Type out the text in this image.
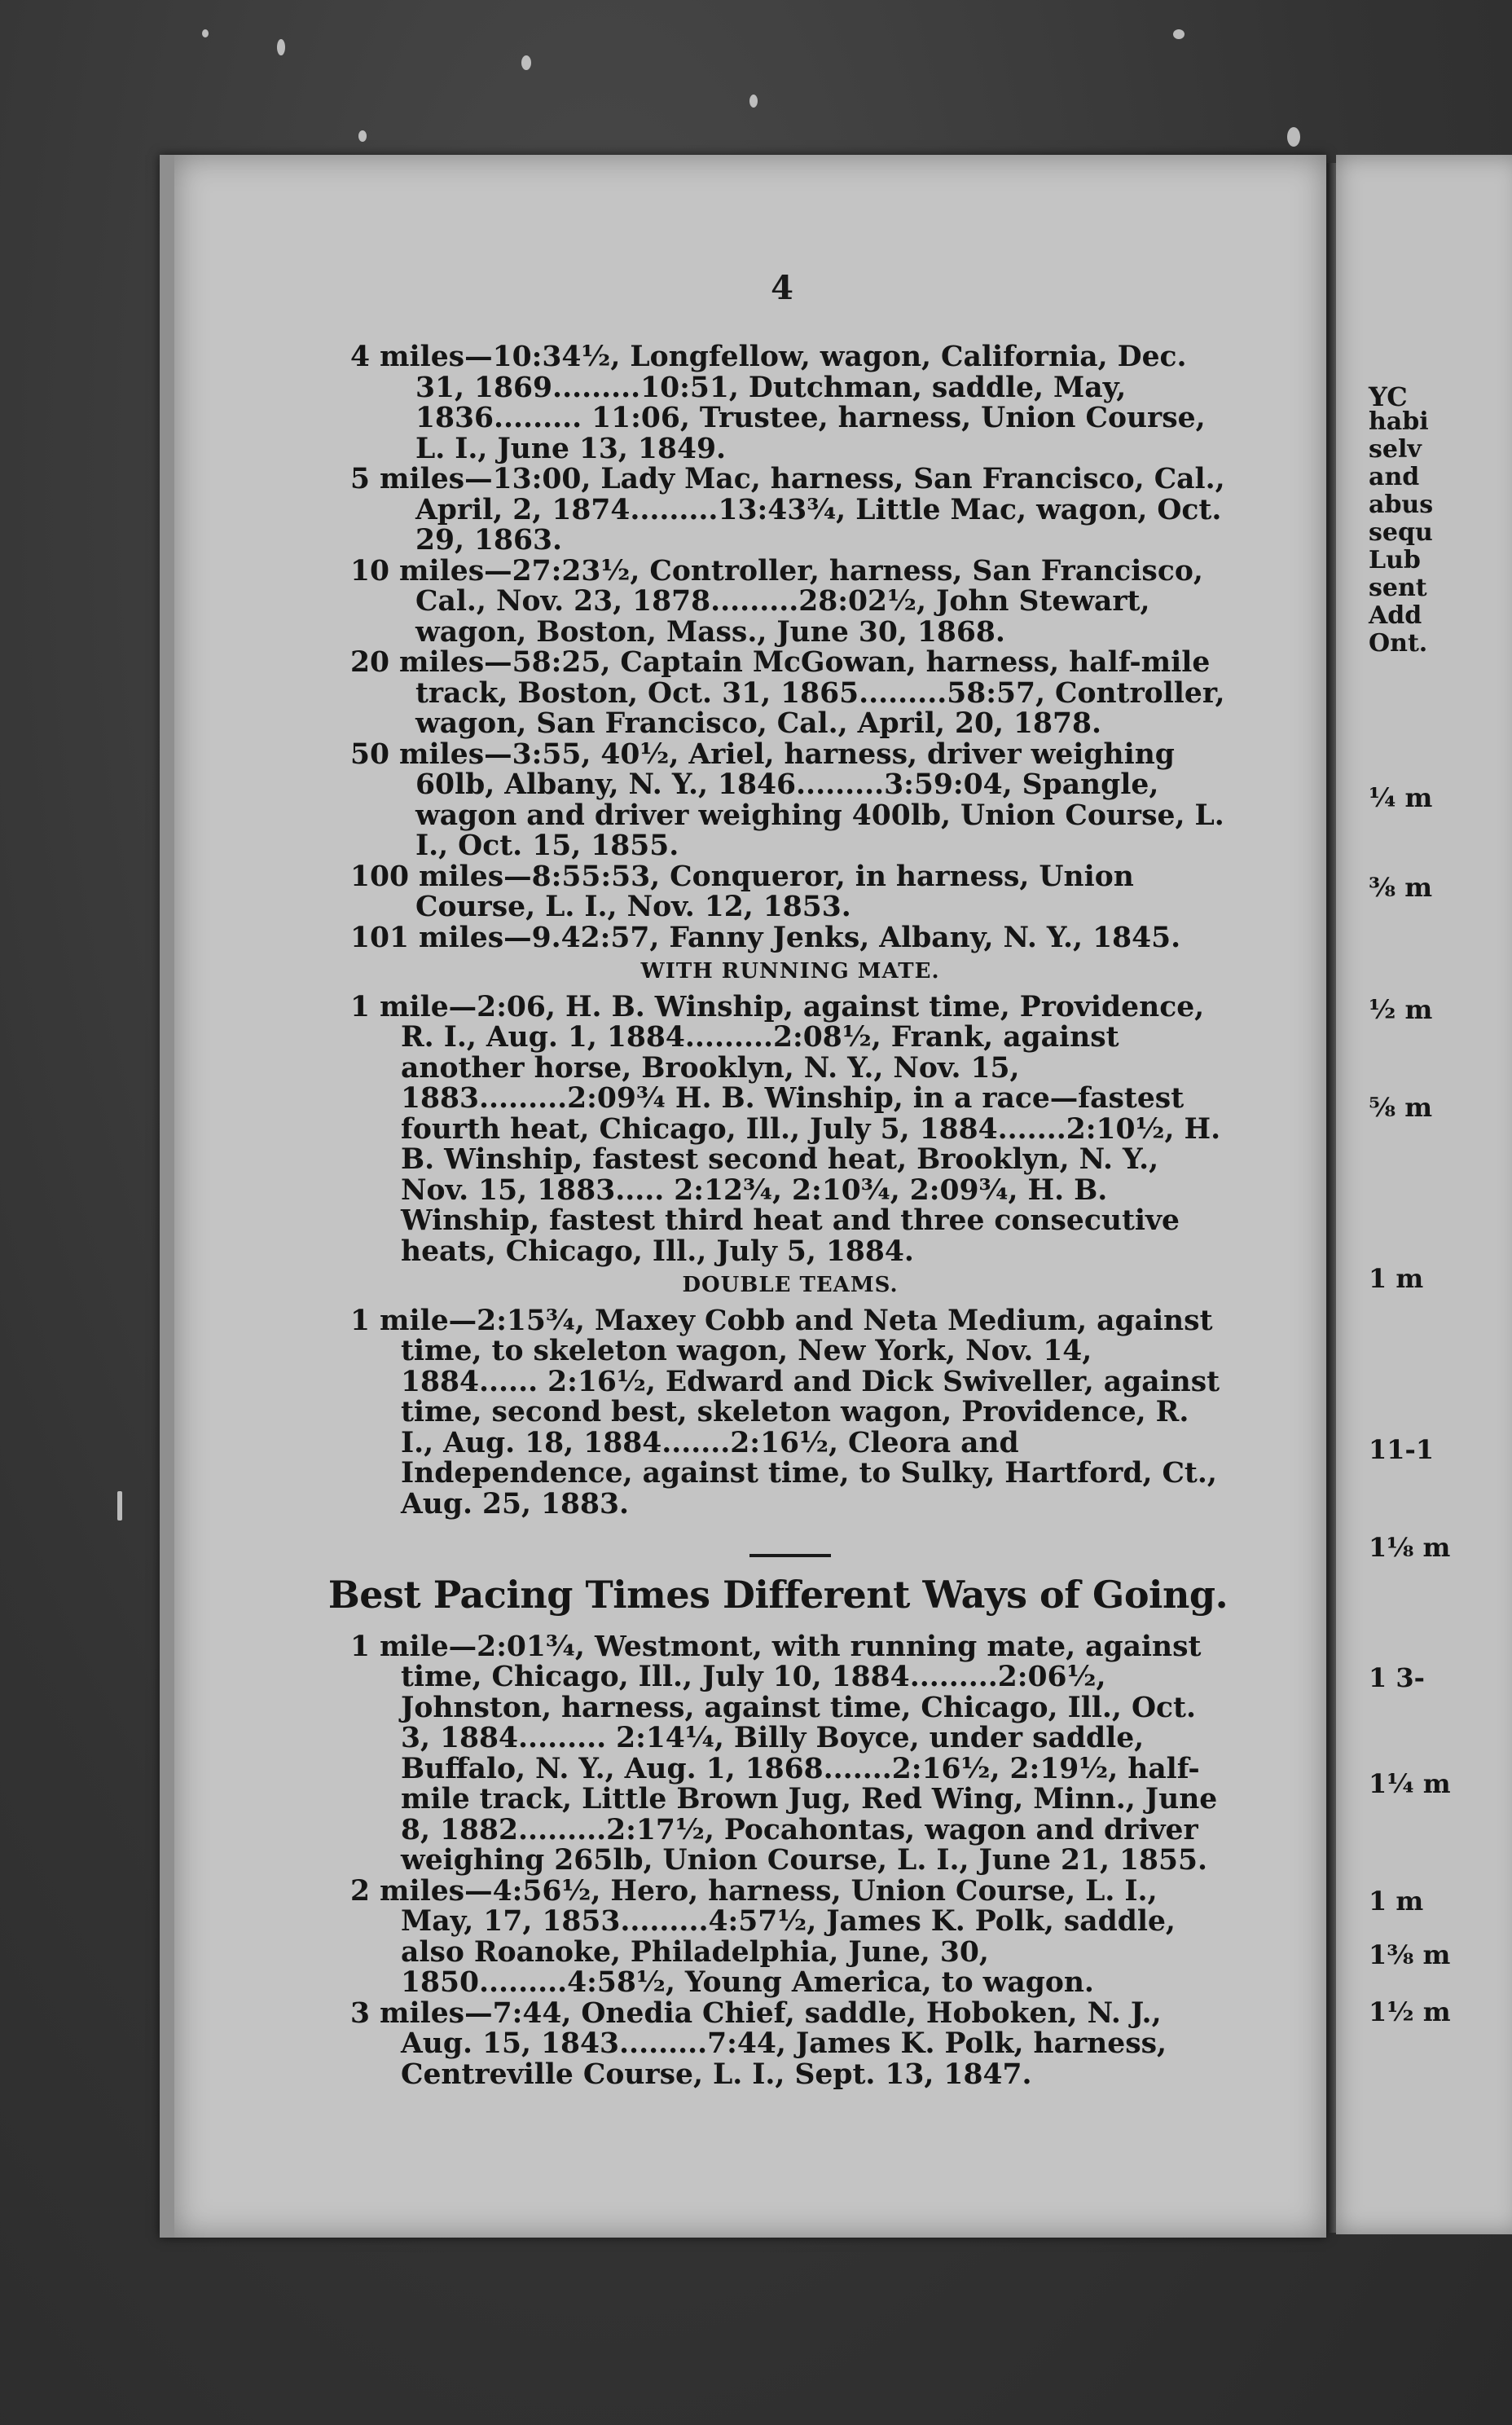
YC
habi
selv
and
abus
sequ
Lub
sent
Add
Ont.
¼ m
⅜ m
½ m
⅝ m
1 m
11-1
1⅛ m
1 3-
1¼ m
1 m
1⅜ m
1½ m
4

4 miles—10:34½, Longfellow, wagon, California, Dec. 31, 1869.........10:51, Dutchman, saddle, May, 1836......... 11:06, Trustee, harness, Union Course, L. I., June 13, 1849.

5 miles—13:00, Lady Mac, harness, San Francisco, Cal., April, 2, 1874.........13:43¾, Little Mac, wagon, Oct. 29, 1863.

10 miles—27:23½, Controller, harness, San Francisco, Cal., Nov. 23, 1878.........28:02½, John Stewart, wagon, Boston, Mass., June 30, 1868.

20 miles—58:25, Captain McGowan, harness, half-mile track, Boston, Oct. 31, 1865.........58:57, Controller, wagon, San Francisco, Cal., April, 20, 1878.

50 miles—3:55, 40½, Ariel, harness, driver weighing 60lb, Albany, N. Y., 1846.........3:59:04, Spangle, wagon and driver weighing 400lb, Union Course, L. I., Oct. 15, 1855.

100 miles—8:55:53, Conqueror, in harness, Union Course, L. I., Nov. 12, 1853.

101 miles—9.42:57, Fanny Jenks, Albany, N. Y., 1845.

WITH RUNNING MATE.

1 mile—2:06, H. B. Winship, against time, Providence, R. I., Aug. 1, 1884.........2:08½, Frank, against another horse, Brooklyn, N. Y., Nov. 15, 1883.........2:09¾ H. B. Winship, in a race—fastest fourth heat, Chicago, Ill., July 5, 1884.......2:10½, H. B. Winship, fastest second heat, Brooklyn, N. Y., Nov. 15, 1883..... 2:12¾, 2:10¾, 2:09¾, H. B. Winship, fastest third heat and three consecutive heats, Chicago, Ill., July 5, 1884.

DOUBLE TEAMS.

1 mile—2:15¾, Maxey Cobb and Neta Medium, against time, to skeleton wagon, New York, Nov. 14, 1884...... 2:16½, Edward and Dick Swiveller, against time, second best, skeleton wagon, Providence, R. I., Aug. 18, 1884.......2:16½, Cleora and Independence, against time, to Sulky, Hartford, Ct., Aug. 25, 1883.

Best Pacing Times Different Ways of Going.

1 mile—2:01¾, Westmont, with running mate, against time, Chicago, Ill., July 10, 1884.........2:06½, Johnston, harness, against time, Chicago, Ill., Oct. 3, 1884......... 2:14¼, Billy Boyce, under saddle, Buffalo, N. Y., Aug. 1, 1868.......2:16½, 2:19½, half-mile track, Little Brown Jug, Red Wing, Minn., June 8, 1882.........2:17½, Pocahontas, wagon and driver weighing 265lb, Union Course, L. I., June 21, 1855.

2 miles—4:56½, Hero, harness, Union Course, L. I., May, 17, 1853.........4:57½, James K. Polk, saddle, also Roanoke, Philadelphia, June, 30, 1850.........4:58½, Young America, to wagon.

3 miles—7:44, Onedia Chief, saddle, Hoboken, N. J., Aug. 15, 1843.........7:44, James K. Polk, harness, Centreville Course, L. I., Sept. 13, 1847.
